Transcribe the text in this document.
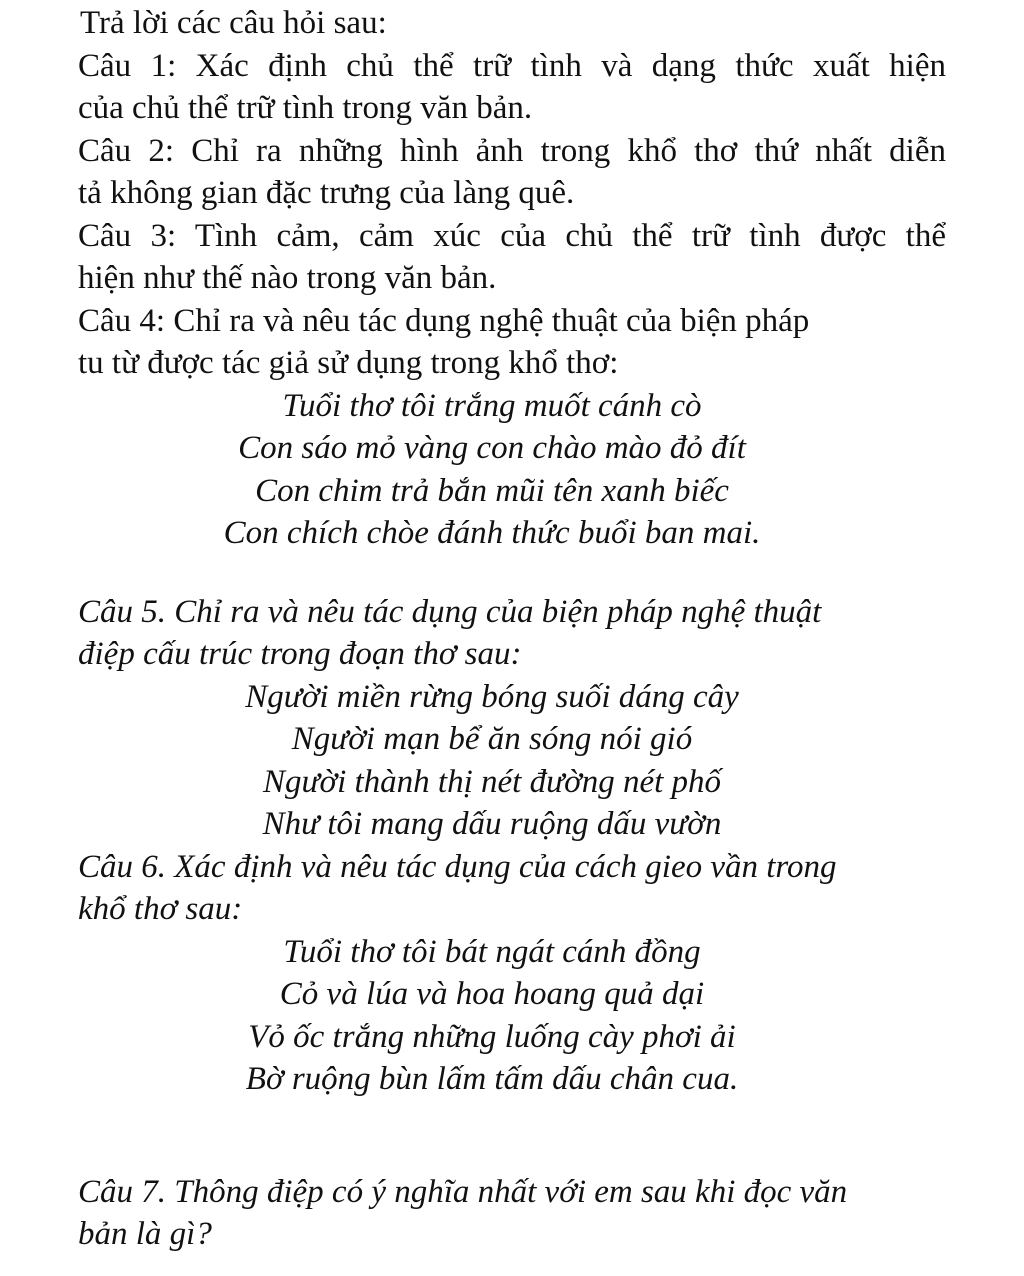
Trả lời các câu hỏi sau:

Câu 1: Xác định chủ thể trữ tình và dạng thức xuất hiện

của chủ thể trữ tình trong văn bản.

Câu 2: Chỉ ra những hình ảnh trong khổ thơ thứ nhất diễn

tả không gian đặc trưng của làng quê.

Câu 3: Tình cảm, cảm xúc của chủ thể trữ tình được thể

hiện như thế nào trong văn bản.

Câu 4: Chỉ ra và nêu tác dụng nghệ thuật của biện pháp

tu từ được tác giả sử dụng trong khổ thơ:

Tuổi thơ tôi trắng muốt cánh cò

Con sáo mỏ vàng con chào mào đỏ đít

Con chim trả bắn mũi tên xanh biếc

Con chích chòe đánh thức buổi ban mai.

Câu 5. Chỉ ra và nêu tác dụng của biện pháp nghệ thuật

điệp cấu trúc trong đoạn thơ sau:

Người miền rừng bóng suối dáng cây

Người mạn bể ăn sóng nói gió

Người thành thị nét đường nét phố

Như tôi mang dấu ruộng dấu vườn

Câu 6. Xác định và nêu tác dụng của cách gieo vần trong

khổ thơ sau:

Tuổi thơ tôi bát ngát cánh đồng

Cỏ và lúa và hoa hoang quả dại

Vỏ ốc trắng những luống cày phơi ải

Bờ ruộng bùn lấm tấm dấu chân cua.

Câu 7. Thông điệp có ý nghĩa nhất với em sau khi đọc văn

bản là gì?
